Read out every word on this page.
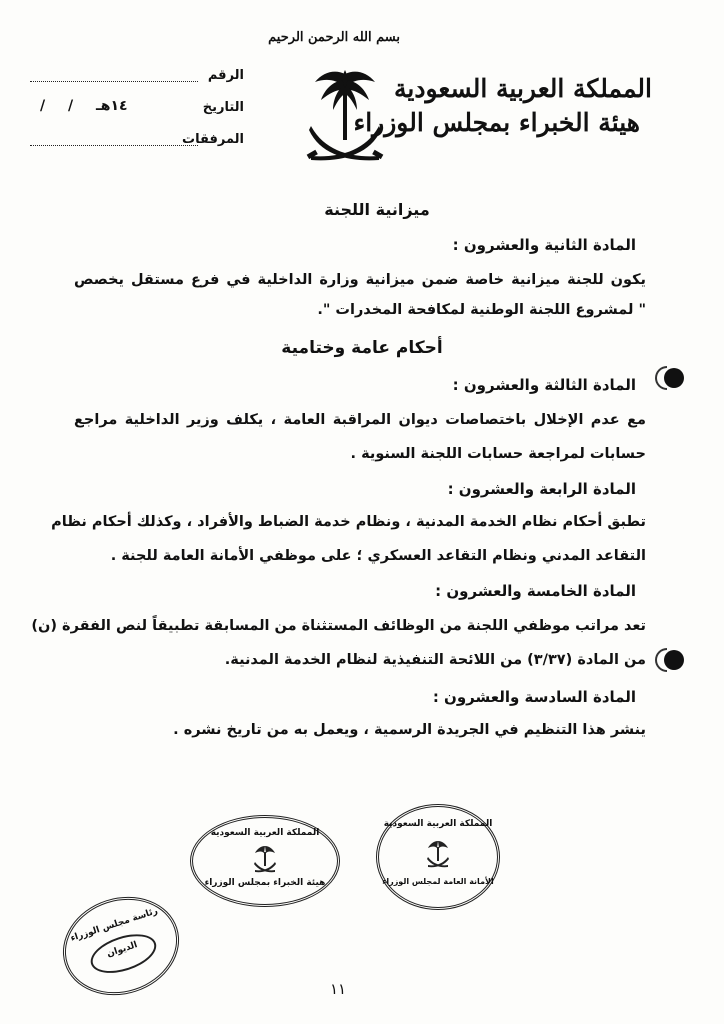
بسم الله الرحمن الرحيم
المملكة العربية السعودية
هيئة الخبراء بمجلس الوزراء
الرقم
التاريخ
/ / ١٤هـ
المرفقات
ميزانية اللجنة
المادة الثانية والعشرون :
يكون للجنة ميزانية خاصة ضمن ميزانية وزارة الداخلية في فرع مستقل يخصص
" لمشروع اللجنة الوطنية لمكافحة المخدرات ".
أحكام عامة وختامية
المادة الثالثة والعشرون :
مع عدم الإخلال باختصاصات ديوان المراقبة العامة ، يكلف وزير الداخلية مراجع
حسابات لمراجعة حسابات اللجنة السنوية .
المادة الرابعة والعشرون :
تطبق أحكام نظام الخدمة المدنية ، ونظام خدمة الضباط والأفراد ، وكذلك أحكام نظام
التقاعد المدني ونظام التقاعد العسكري ؛ على موظفي الأمانة العامة للجنة .
المادة الخامسة والعشرون :
تعد مراتب موظفي اللجنة من الوظائف المستثناة من المسابقة تطبيقاً لنص الفقرة (ن)
من المادة (٣/٣٧) من اللائحة التنفيذية لنظام الخدمة المدنية.
المادة السادسة والعشرون :
ينشر هذا التنظيم في الجريدة الرسمية ، ويعمل به من تاريخ نشره .
المملكة العربية السعودية
هيئة الخبراء بمجلس الوزراء
المملكة العربية السعودية
الأمانة العامة لمجلس الوزراء
رئاسة مجلس الوزراء
الديوان
١١
